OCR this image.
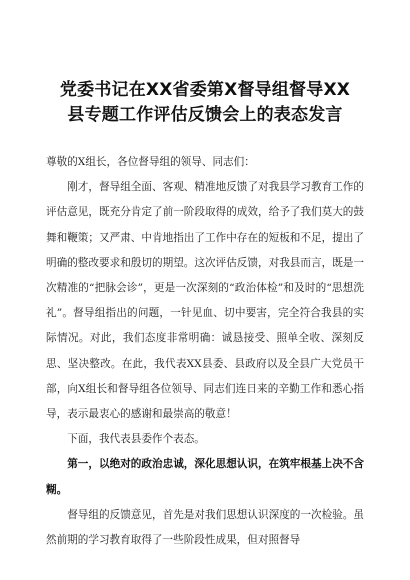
党委书记在XX省委第X督导组督导XX县专题工作评估反馈会上的表态发言

尊敬的X组长，各位督导组的领导、同志们：

刚才，督导组全面、客观、精准地反馈了对我县学习教育工作的评估意见，既充分肯定了前一阶段取得的成效，给予了我们莫大的鼓舞和鞭策；又严肃、中肯地指出了工作中存在的短板和不足，提出了明确的整改要求和殷切的期望。这次评估反馈，对我县而言，既是一次精准的“把脉会诊”，更是一次深刻的“政治体检”和及时的“思想洗礼”。督导组指出的问题，一针见血、切中要害，完全符合我县的实际情况。对此，我们态度非常明确：诚恳接受、照单全收、深刻反思、坚决整改。在此，我代表XX县委、县政府以及全县广大党员干部，向X组长和督导组各位领导、同志们连日来的辛勤工作和悉心指导，表示最衷心的感谢和最崇高的敬意！

下面，我代表县委作个表态。

第一，以绝对的政治忠诚，深化思想认识，在筑牢根基上决不含糊。

督导组的反馈意见，首先是对我们思想认识深度的一次检验。虽然前期的学习教育取得了一些阶段性成果，但对照督导
